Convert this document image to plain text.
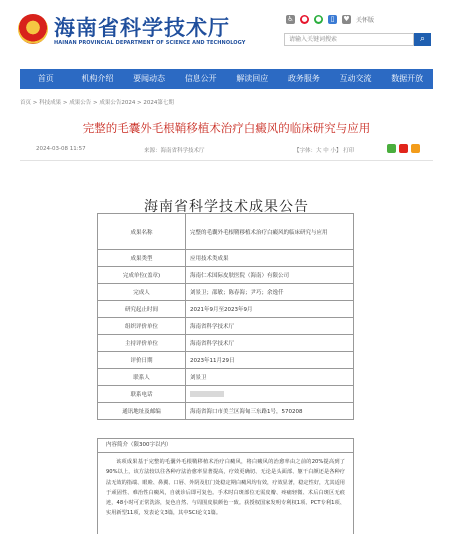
海南省科学技术厅
HAINAN PROVINCIAL DEPARTMENT OF SCIENCE AND TECHNOLOGY
♿ ● ●	▯	♥ 关怀版
请输入关键词搜索	⌕
首页	机构介绍	要闻动态	信息公开	解读回应	政务服务	互动交流	数据开放
首页 > 科技成果 > 成果公告 > 成果公告2024 > 2024第七期
完整的毛囊外毛根鞘移植术治疗白癜风的临床研究与应用
2024-03-08 11:57	来源：海南省科学技术厅	【字体：大 中 小】 打印
海南省科学技术成果公告
成果名称	完整的毛囊外毛根鞘移植术治疗白癜风的临床研究与应用
成果类型	应用技术类成果
完成单位(盖章)	海南仁术国际皮肤医院（海南）有限公司
完成人	刘景卫；邵敏；陈春海；尹巧；余逸仟
研究起止时间	2021年9月至2023年9月
组织评价单位	海南省科学技术厅
主持评价单位	海南省科学技术厅
评价日期	2023年11月29日
联系人	刘景卫
联系电话	
通讯地址及邮编	海南省海口市美兰区海甸三东路1号，570208
内容简介（限300字以内）
该项成果基于完整的毛囊外毛根鞘移植术治疗白癜风，将白癜风的治愈率由之前的20%提高到了90%以上，该方法较以往各种疗法治愈率显著提高，疗效更确切、无论是头面部、躯干白颜还是各种疗法无效的指端、眼睑、鼻翼、口唇、外阴及肛门处稳定期白癜风均有效，疗效显著，稳定性好，尤其适用于顽固性、难治性白癜风，自就诊后即可复色。手术时白斑部位无需皮瓣、疼痛轻微、术后白斑区无痕迹，48小时可正常洗浴，复色自然、与周围皮肤颜色一致。获授权国家发明专利权1项、PCT专利1项、实用新型11项，发表论文3篇，其中SCI论文1篇。
